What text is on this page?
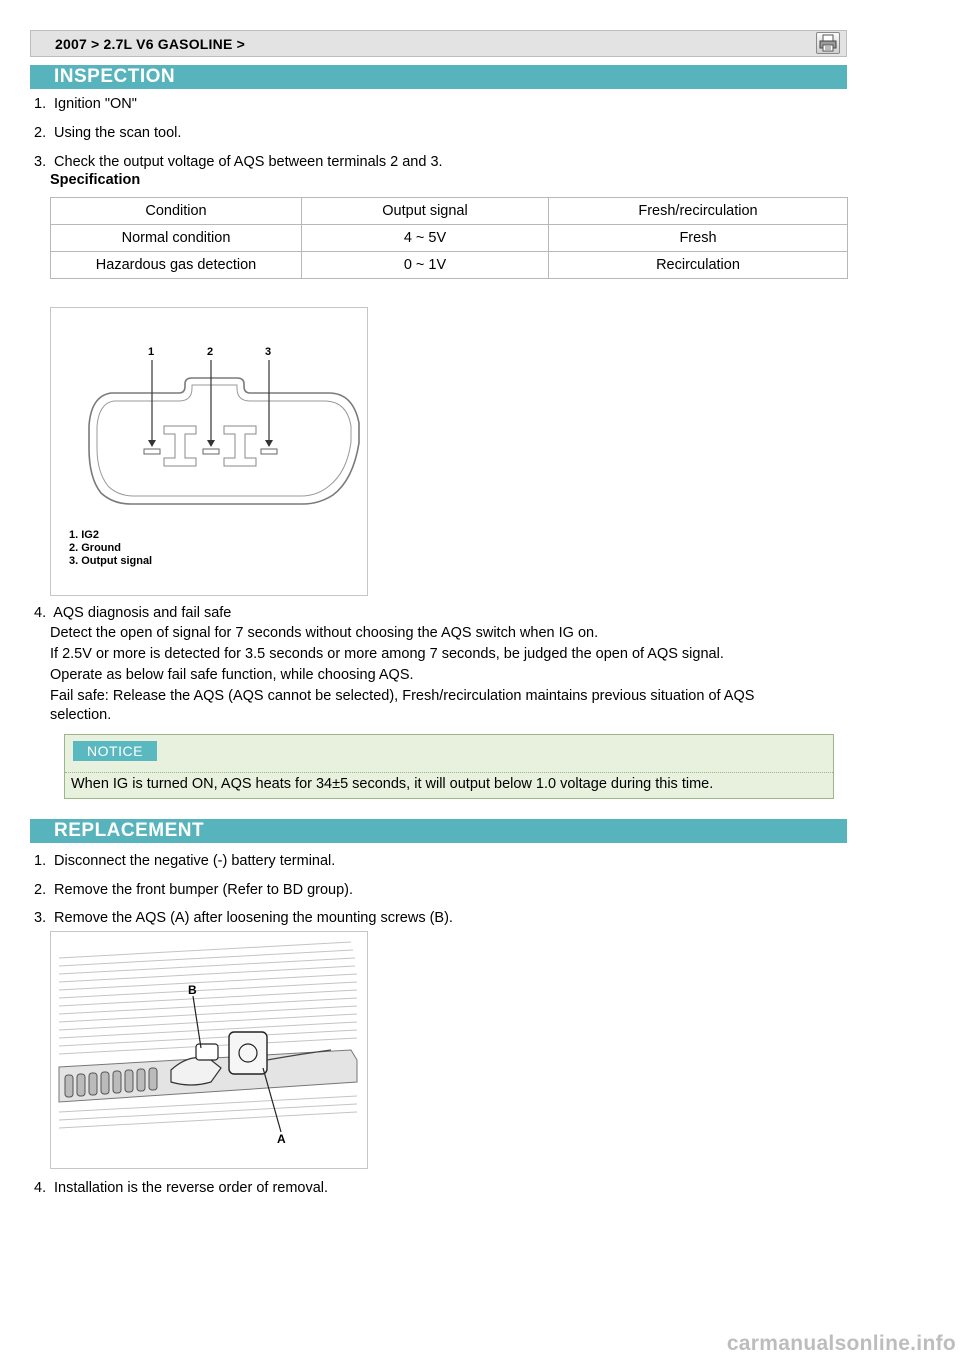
2007 > 2.7L V6 GASOLINE >
INSPECTION
1. Ignition "ON"
2. Using the scan tool.
3. Check the output voltage of AQS between terminals 2 and 3.
Specification
Condition	Output signal	Fresh/recirculation
Normal condition	4 ~ 5V	Fresh
Hazardous gas detection	0 ~ 1V	Recirculation
1	2	3
1. IG2
2. Ground
3. Output signal
4. AQS diagnosis and fail safe
Detect the open of signal for 7 seconds without choosing the AQS switch when IG on.
If 2.5V or more is detected for 3.5 seconds or more among 7 seconds, be judged the open of AQS signal.
Operate as below fail safe function, while choosing AQS.
Fail safe: Release the AQS (AQS cannot be selected), Fresh/recirculation maintains previous situation of AQS
selection.
NOTICE
When IG is turned ON, AQS heats for 34±5 seconds, it will output below 1.0 voltage during this time.
REPLACEMENT
1. Disconnect the negative (-) battery terminal.
2. Remove the front bumper (Refer to BD group).
3. Remove the AQS (A) after loosening the mounting screws (B).
B
A
4. Installation is the reverse order of removal.
carmanualsonline.info
